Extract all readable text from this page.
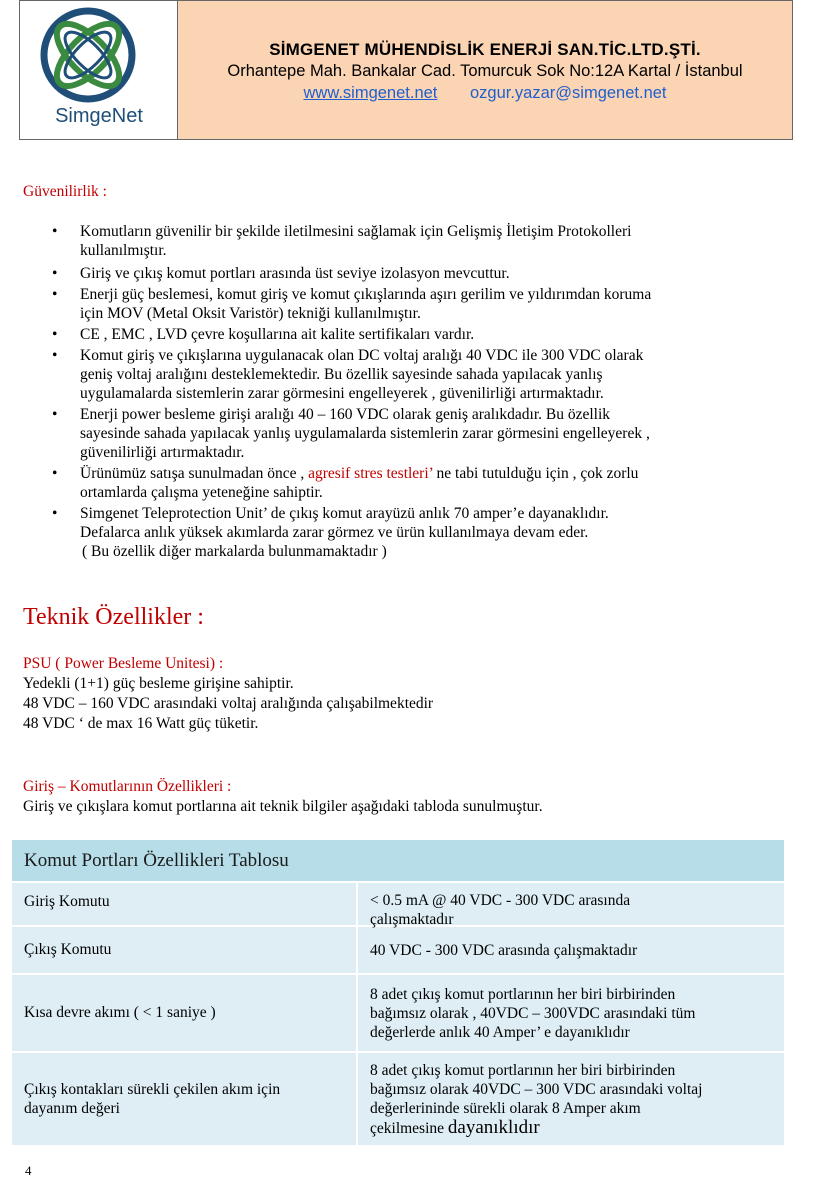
SimgeNet
SİMGENET MÜHENDİSLİK ENERJİ SAN.TİC.LTD.ŞTİ.
Orhantepe Mah. Bankalar Cad. Tomurcuk Sok No:12A Kartal / İstanbul
www.simgenet.net ozgur.yazar@simgenet.net
Güvenilirlik :
• Komutların güvenilir bir şekilde iletilmesini sağlamak için Gelişmiş İletişim Protokolleri
kullanılmıştır.
• Giriş ve çıkış komut portları arasında üst seviye izolasyon mevcuttur.
• Enerji güç beslemesi, komut giriş ve komut çıkışlarında aşırı gerilim ve yıldırımdan koruma
için MOV (Metal Oksit Varistör) tekniği kullanılmıştır.
• CE , EMC , LVD çevre koşullarına ait kalite sertifikaları vardır.
• Komut giriş ve çıkışlarına uygulanacak olan DC voltaj aralığı 40 VDC ile 300 VDC olarak
geniş voltaj aralığını desteklemektedir. Bu özellik sayesinde sahada yapılacak yanlış
uygulamalarda sistemlerin zarar görmesini engelleyerek , güvenilirliği artırmaktadır.
• Enerji power besleme girişi aralığı 40 – 160 VDC olarak geniş aralıkdadır. Bu özellik
sayesinde sahada yapılacak yanlış uygulamalarda sistemlerin zarar görmesini engelleyerek ,
güvenilirliği artırmaktadır.
• Ürünümüz satışa sunulmadan önce , agresif stres testleri’ ne tabi tutulduğu için , çok zorlu
ortamlarda çalışma yeteneğine sahiptir.
• Simgenet Teleprotection Unit’ de çıkış komut arayüzü anlık 70 amper’e dayanaklıdır.
Defalarca anlık yüksek akımlarda zarar görmez ve ürün kullanılmaya devam eder.
( Bu özellik diğer markalarda bulunmamaktadır )
Teknik Özellikler :
PSU ( Power Besleme Unitesi) :
Yedekli (1+1) güç besleme girişine sahiptir.
48 VDC – 160 VDC arasındaki voltaj aralığında çalışabilmektedir
48 VDC ‘ de max 16 Watt güç tüketir.
Giriş – Komutlarının Özellikleri :
Giriş ve çıkışlara komut portlarına ait teknik bilgiler aşağıdaki tabloda sunulmuştur.
Komut Portları Özellikleri Tablosu
Giriş Komutu	< 0.5 mA @ 40 VDC - 300 VDC arasında
çalışmaktadır
Çıkış Komutu	40 VDC - 300 VDC arasında çalışmaktadır
Kısa devre akımı ( < 1 saniye )
8 adet çıkış komut portlarının her biri birbirinden
bağımsız olarak , 40VDC – 300VDC arasındaki tüm
değerlerde anlık 40 Amper’ e dayanıklıdır
Çıkış kontakları sürekli çekilen akım için
dayanım değeri
8 adet çıkış komut portlarının her biri birbirinden
bağımsız olarak 40VDC – 300 VDC arasındaki voltaj
değerlerininde sürekli olarak 8 Amper akım
çekilmesine dayanıklıdır
4
